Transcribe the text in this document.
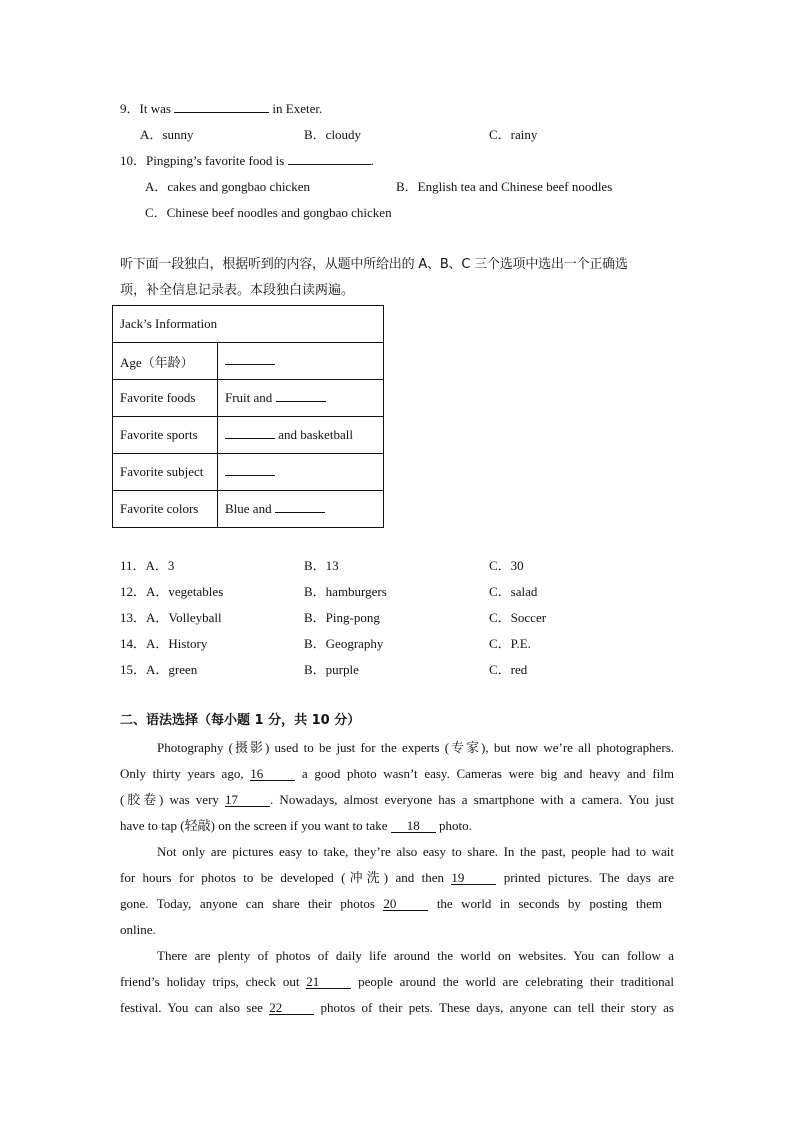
9．It was	in Exeter.
A．sunny	B．cloudy	C．rainy
10．Pingping’s favorite food is	.
A．cakes and gongbao chicken	B．English tea and Chinese beef noodles
C．Chinese beef noodles and gongbao chicken
听下面一段独白，根据听到的内容，从题中所给出的 A、B、C 三个选项中选出一个正确选
项，补全信息记录表。本段独白读两遍。
Jack’s Information	
Age（年龄）	
Favorite foods	Fruit and
Favorite sports	and basketball
Favorite subject	
Favorite colors	Blue and
11．A．3	B．13	C．30
12．A．vegetables	B．hamburgers	C．salad
13．A．Volleyball	B．Ping-pong	C．Soccer
14．A．History	B．Geography	C．P.E.
15．A．green	B．purple	C．red
二、语法选择（每小题 1 分，共 10 分）
Photography (摄影) used to be just for the experts (专家), but now we’re all photographers.
Only thirty years ago, 16	a good photo wasn’t easy. Cameras were big and heavy and film
(胶卷) was very 17 . Nowadays, almost everyone has a smartphone with a camera. You just
have to tap (轻敲) on the screen if you want to take 18 photo.
Not only are pictures easy to take, they’re also easy to share. In the past, people had to wait
for hours for photos to be developed (冲洗) and then 19	printed pictures. The days are
gone. Today, anyone can share their photos 20	the world in seconds by posting them
online.
There are plenty of photos of daily life around the world on websites. You can follow a
friend’s holiday trips, check out 21	people around the world are celebrating their traditional
festival. You can also see 22	photos of their pets. These days, anyone can tell their story as
